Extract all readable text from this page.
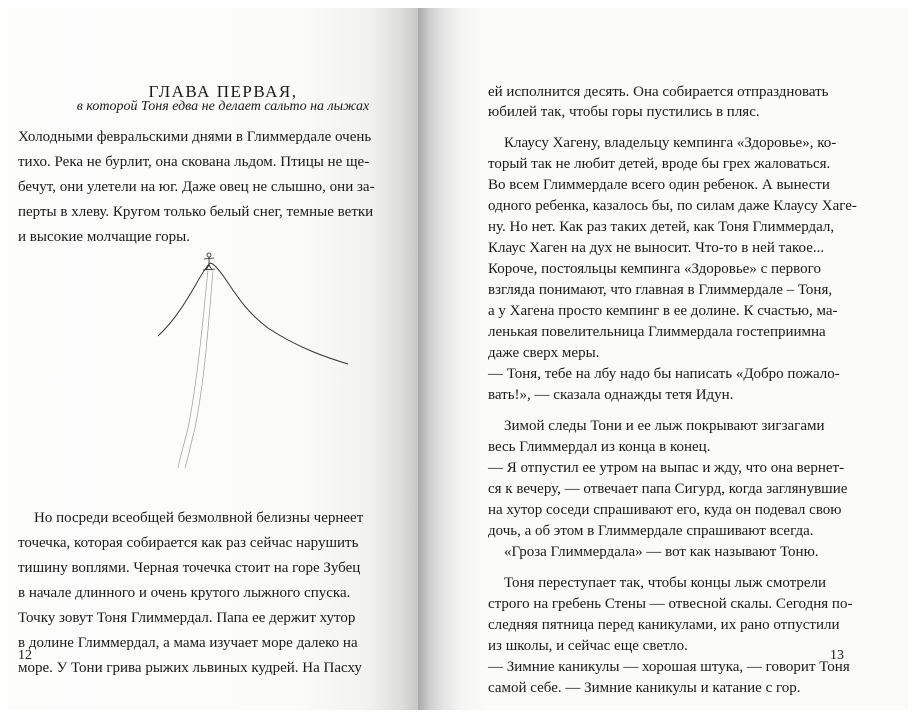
ГЛАВА ПЕРВАЯ,
в которой Тоня едва не делает сальто на лыжах
Холодными февральскими днями в Глиммердале очень
тихо. Река не бурлит, она скована льдом. Птицы не ще-
бечут, они улетели на юг. Даже овец не слышно, они за-
перты в хлеву. Кругом только белый снег, темные ветки
и высокие молчащие горы.
Но посреди всеобщей безмолвной белизны чернеет
точечка, которая собирается как раз сейчас нарушить
тишину воплями. Черная точечка стоит на горе Зубец
в начале длинного и очень крутого лыжного спуска.
Точку зовут Тоня Глиммердал. Папа ее держит хутор
в долине Глиммердал, а мама изучает море далеко на
море. У Тони грива рыжих львиных кудрей. На Пасху
12
ей исполнится десять. Она собирается отпраздновать
юбилей так, чтобы горы пустились в пляс.
Клаусу Хагену, владельцу кемпинга «Здоровье», ко-
торый так не любит детей, вроде бы грех жаловаться.
Во всем Глиммердале всего один ребенок. А вынести
одного ребенка, казалось бы, по силам даже Клаусу Хаге-
ну. Но нет. Как раз таких детей, как Тоня Глиммердал,
Клаус Хаген на дух не выносит. Что-то в ней такое...
Короче, постояльцы кемпинга «Здоровье» с первого
взгляда понимают, что главная в Глиммердале – Тоня,
а у Хагена просто кемпинг в ее долине. К счастью, ма-
ленькая повелительница Глиммердала гостеприимна
даже сверх меры.
— Тоня, тебе на лбу надо бы написать «Добро пожало-
вать!», — сказала однажды тетя Идун.
Зимой следы Тони и ее лыж покрывают зигзагами
весь Глиммердал из конца в конец.
— Я отпустил ее утром на выпас и жду, что она вернет-
ся к вечеру, — отвечает папа Сигурд, когда заглянувшие
на хутор соседи спрашивают его, куда он подевал свою
дочь, а об этом в Глиммердале спрашивают всегда.
«Гроза Глиммердала» — вот как называют Тоню.
Тоня переступает так, чтобы концы лыж смотрели
строго на гребень Стены — отвесной скалы. Сегодня по-
следняя пятница перед каникулами, их рано отпустили
из школы, и сейчас еще светло.
— Зимние каникулы — хорошая штука, — говорит Тоня
самой себе. — Зимние каникулы и катание с гор.
13
